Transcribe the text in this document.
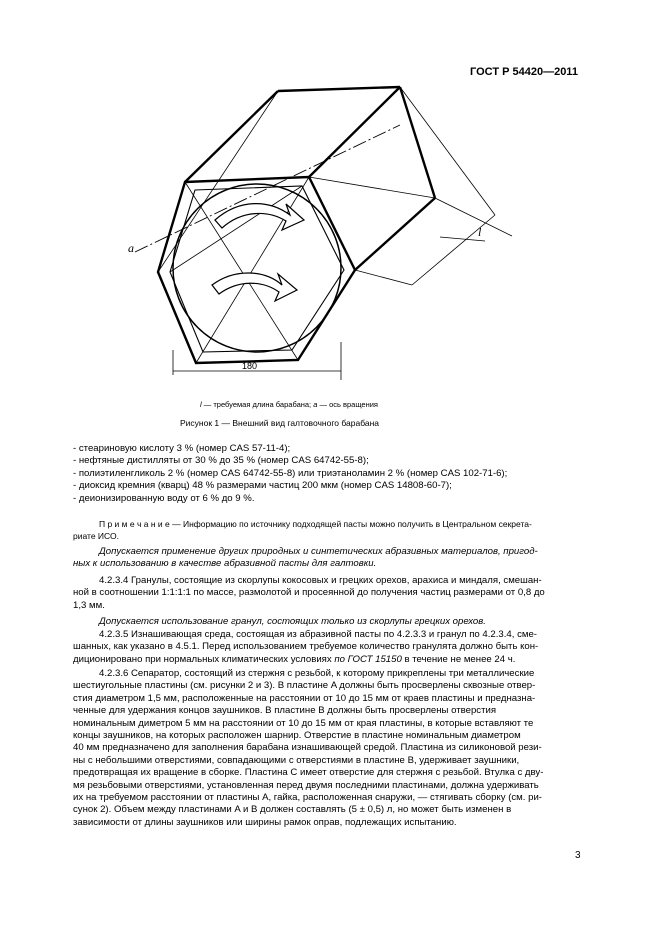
ГОСТ Р 54420—2011
l
a
180
l — требуемая длина барабана; a — ось вращения
Рисунок 1 — Внешний вид галтовочного барабана
- стеариновую кислоту 3 % (номер CAS 57-11-4);
- нефтяные дистилляты от 30 % до 35 % (номер CAS 64742-55-8);
- полиэтиленгликоль 2 % (номер CAS 64742-55-8) или триэтаноламин 2 % (номер CAS 102-71-6);
- диоксид кремния (кварц) 48 % размерами частиц 200 мкм (номер CAS 14808-60-7);
- деионизированную воду от 6 % до 9 %.
П р и м е ч а н и е — Информацию по источнику подходящей пасты можно получить в Центральном секрета-
риате ИСО.
Допускается применение других природных и синтетических абразивных материалов, пригод-
ных к использованию в качестве абразивной пасты для галтовки.
4.2.3.4 Гранулы, состоящие из скорлупы кокосовых и грецких орехов, арахиса и миндаля, смешан-
ной в соотношении 1:1:1:1 по массе, размолотой и просеянной до получения частиц размерами от 0,8 до
1,3 мм.
Допускается использование гранул, состоящих только из скорлупы грецких орехов.
4.2.3.5 Изнашивающая среда, состоящая из абразивной пасты по 4.2.3.3 и гранул по 4.2.3.4, сме-
шанных, как указано в 4.5.1. Перед использованием требуемое количество гранулята должно быть кон-
диционировано при нормальных климатических условиях по ГОСТ 15150 в течение не менее 24 ч.
4.2.3.6 Сепаратор, состоящий из стержня с резьбой, к которому прикреплены три металлические
шестиугольные пластины (см. рисунки 2 и 3). В пластине A должны быть просверлены сквозные отвер-
стия диаметром 1,5 мм, расположенные на расстоянии от 10 до 15 мм от краев пластины и предназна-
ченные для удержания концов заушников. В пластине B должны быть просверлены отверстия
номинальным диметром 5 мм на расстоянии от 10 до 15 мм от края пластины, в которые вставляют те
концы заушников, на которых расположен шарнир. Отверстие в пластине номинальным диаметром
40 мм предназначено для заполнения барабана изнашивающей средой. Пластина из силиконовой рези-
ны с небольшими отверстиями, совпадающими с отверстиями в пластине B, удерживает заушники,
предотвращая их вращение в сборке. Пластина C имеет отверстие для стержня с резьбой. Втулка с дву-
мя резьбовыми отверстиями, установленная перед двумя последними пластинами, должна удерживать
их на требуемом расстоянии от пластины A, гайка, расположенная снаружи, — стягивать сборку (см. ри-
сунок 2). Объем между пластинами A и B должен составлять (5 ± 0,5) л, но может быть изменен в
зависимости от длины заушников или ширины рамок оправ, подлежащих испытанию.
3
